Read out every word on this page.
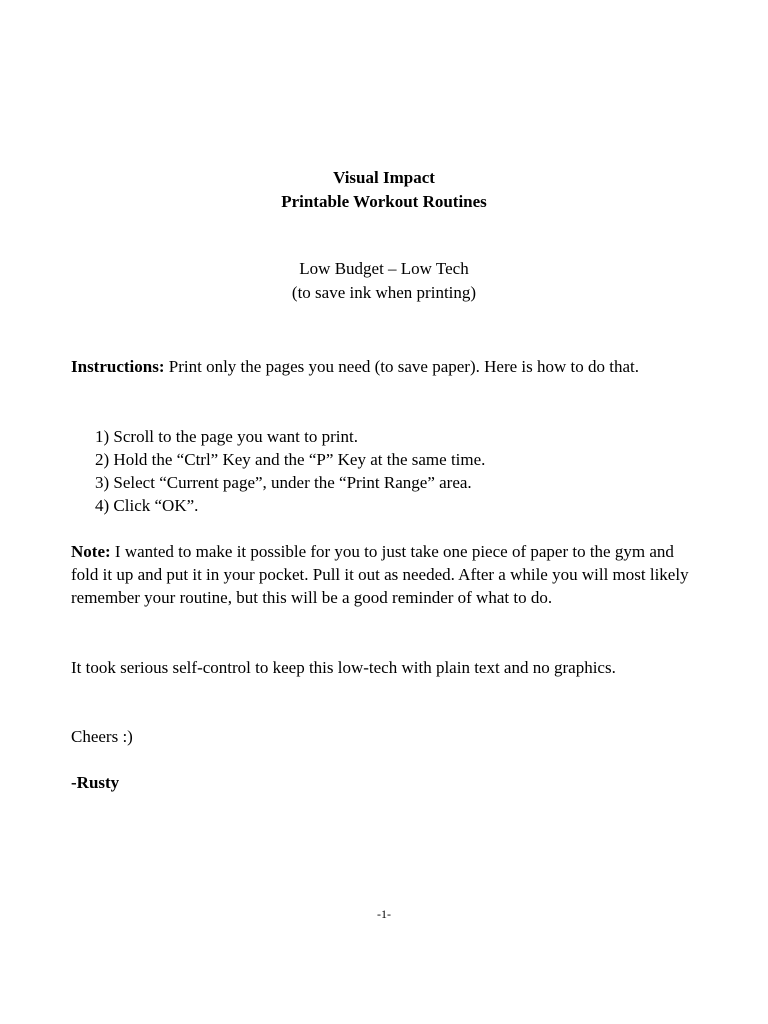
Visual Impact
Printable Workout Routines
Low Budget – Low Tech
(to save ink when printing)
Instructions: Print only the pages you need (to save paper). Here is how to do that.
1) Scroll to the page you want to print.
2) Hold the “Ctrl” Key and the “P” Key at the same time.
3) Select “Current page”, under the “Print Range” area.
4) Click “OK”.
Note: I wanted to make it possible for you to just take one piece of paper to the gym and fold it up and put it in your pocket. Pull it out as needed. After a while you will most likely remember your routine, but this will be a good reminder of what to do.
It took serious self-control to keep this low-tech with plain text and no graphics.
Cheers :)
-Rusty
-1-
